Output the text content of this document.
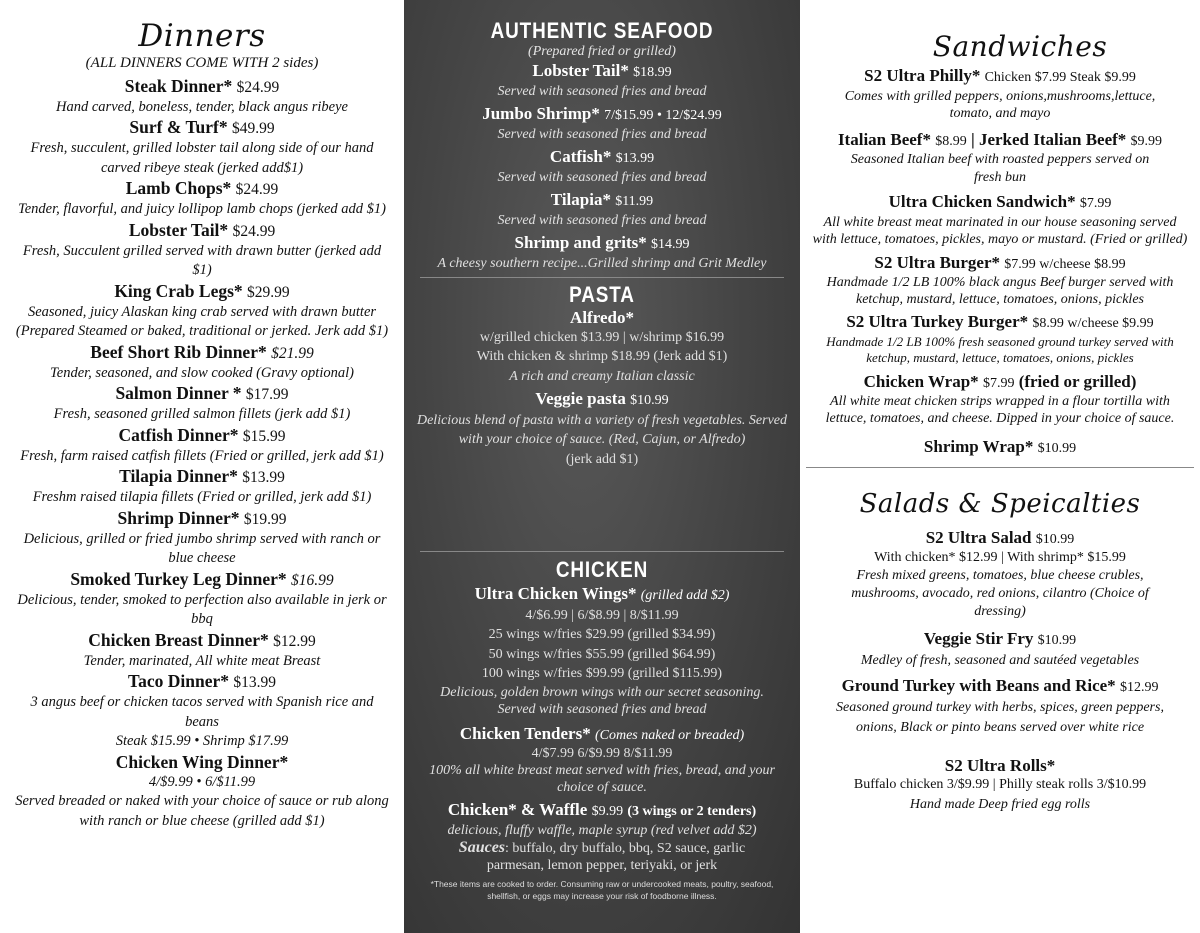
Dinners

(ALL DINNERS COME WITH 2 sides)

Steak Dinner* $24.99

Hand carved, boneless, tender, black angus ribeye

Surf & Turf* $49.99

Fresh, succulent, grilled lobster tail along side of our hand carved ribeye steak (jerked add$1)

Lamb Chops* $24.99

Tender, flavorful, and juicy lollipop lamb chops (jerked add $1)

Lobster Tail* $24.99

Fresh, Succulent grilled served with drawn butter (jerked add $1)

King Crab Legs* $29.99

Seasoned, juicy Alaskan king crab served with drawn butter (Prepared Steamed or baked, traditional or jerked. Jerk add $1)

Beef Short Rib Dinner* $21.99

Tender, seasoned, and slow cooked (Gravy optional)

Salmon Dinner * $17.99

Fresh, seasoned grilled salmon fillets (jerk add $1)

Catfish Dinner* $15.99

Fresh, farm raised catfish fillets (Fried or grilled, jerk add $1)

Tilapia Dinner* $13.99

Freshm raised tilapia fillets (Fried or grilled, jerk add $1)

Shrimp Dinner* $19.99

Delicious, grilled or fried jumbo shrimp served with ranch or blue cheese

Smoked Turkey Leg Dinner* $16.99

Delicious, tender, smoked to perfection also available in jerk or bbq

Chicken Breast Dinner* $12.99

Tender, marinated, All white meat Breast

Taco Dinner* $13.99

3 angus beef or chicken tacos served with Spanish rice and beans

Steak $15.99 • Shrimp $17.99

Chicken Wing Dinner*

4/$9.99 • 6/$11.99

Served breaded or naked with your choice of sauce or rub along with ranch or blue cheese (grilled add $1)

AUTHENTIC SEAFOOD

(Prepared fried or grilled)

Lobster Tail* $18.99

Served with seasoned fries and bread

Jumbo Shrimp* 7/$15.99 • 12/$24.99

Served with seasoned fries and bread

Catfish* $13.99

Served with seasoned fries and bread

Tilapia* $11.99

Served with seasoned fries and bread

Shrimp and grits* $14.99

A cheesy southern recipe...Grilled shrimp and Grit Medley

PASTA

Alfredo*

w/grilled chicken $13.99 | w/shrimp $16.99

With chicken & shrimp $18.99 (Jerk add $1)

A rich and creamy Italian classic

Veggie pasta $10.99

Delicious blend of pasta with a variety of fresh vegetables. Served with your choice of sauce. (Red, Cajun, or Alfredo)

(jerk add $1)

CHICKEN

Ultra Chicken Wings* (grilled add $2)

4/$6.99 | 6/$8.99 | 8/$11.99

25 wings w/fries $29.99 (grilled $34.99)

50 wings w/fries $55.99 (grilled $64.99)

100 wings w/fries $99.99 (grilled $115.99)

Delicious, golden brown wings with our secret seasoning. Served with seasoned fries and bread

Chicken Tenders* (Comes naked or breaded)

4/$7.99 6/$9.99 8/$11.99

100% all white breast meat served with fries, bread, and your choice of sauce.

Chicken* & Waffle $9.99 (3 wings or 2 tenders)

delicious, fluffy waffle, maple syrup (red velvet add $2)

Sauces: buffalo, dry buffalo, bbq, S2 sauce, garlic parmesan, lemon pepper, teriyaki, or jerk

*These items are cooked to order. Consuming raw or undercooked meats, poultry, seafood, shellfish, or eggs may increase your risk of foodborne illness.

Sandwiches

S2 Ultra Philly* Chicken $7.99 Steak $9.99

Comes with grilled peppers, onions,mushrooms,lettuce, tomato, and mayo

Italian Beef* $8.99 | Jerked Italian Beef* $9.99

Seasoned Italian beef with roasted peppers served on fresh bun

Ultra Chicken Sandwich* $7.99

All white breast meat marinated in our house seasoning served with lettuce, tomatoes, pickles, mayo or mustard. (Fried or grilled)

S2 Ultra Burger* $7.99 w/cheese $8.99

Handmade 1/2 LB 100% black angus Beef burger served with ketchup, mustard, lettuce, tomatoes, onions, pickles

S2 Ultra Turkey Burger* $8.99 w/cheese $9.99

Handmade 1/2 LB 100% fresh seasoned ground turkey served with ketchup, mustard, lettuce, tomatoes, onions, pickles

Chicken Wrap* $7.99 (fried or grilled)

All white meat chicken strips wrapped in a flour tortilla with lettuce, tomatoes, and cheese. Dipped in your choice of sauce.

Shrimp Wrap* $10.99

Salads & Speicalties

S2 Ultra Salad $10.99

With chicken* $12.99 | With shrimp* $15.99

Fresh mixed greens, tomatoes, blue cheese crubles, mushrooms, avocado, red onions, cilantro (Choice of dressing)

Veggie Stir Fry $10.99

Medley of fresh, seasoned and sautéed vegetables

Ground Turkey with Beans and Rice* $12.99

Seasoned ground turkey with herbs, spices, green peppers, onions, Black or pinto beans served over white rice

S2 Ultra Rolls*

Buffalo chicken 3/$9.99 | Philly steak rolls 3/$10.99

Hand made Deep fried egg rolls
